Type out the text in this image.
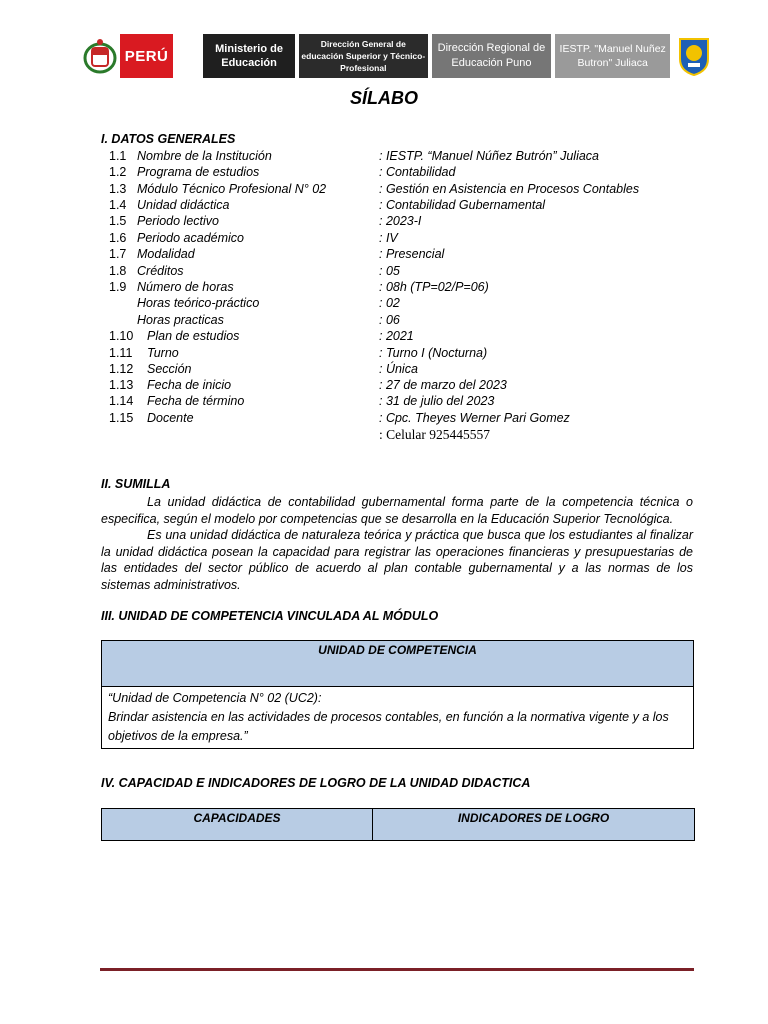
PERÚ	Ministerio de Educación
Dirección General de educación Superior y Técnico-Profesional
Dirección Regional de Educación Puno
IESTP. "Manuel Nuñez Butron" Juliaca
SÍLABO
I. DATOS GENERALES
1.1 Nombre de la Institución	: IESTP. “Manuel Núñez Butrón” Juliaca
1.2 Programa de estudios	: Contabilidad
1.3 Módulo Técnico Profesional N° 02	: Gestión en Asistencia en Procesos Contables
1.4 Unidad didáctica	: Contabilidad Gubernamental
1.5 Periodo lectivo	: 2023-I
1.6 Periodo académico	: IV
1.7 Modalidad	: Presencial
1.8 Créditos	: 05
1.9 Número de horas	: 08h (TP=02/P=06)
Horas teórico-práctico	: 02
Horas practicas	: 06
1.10 Plan de estudios	: 2021
1.11 Turno	: Turno I (Nocturna)
1.12 Sección	: Única
1.13 Fecha de inicio	: 27 de marzo del 2023
1.14 Fecha de término	: 31 de julio del 2023
1.15 Docente	: Cpc. Theyes Werner Pari Gomez
: Celular 925445557
II. SUMILLA
La unidad didáctica de contabilidad gubernamental forma parte de la competencia técnica o especifica, según el modelo por competencias que se desarrolla en la Educación Superior Tecnológica.
Es una unidad didáctica de naturaleza teórica y práctica que busca que los estudiantes al finalizar la unidad didáctica posean la capacidad para registrar las operaciones financieras y presupuestarias de las entidades del sector público de acuerdo al plan contable gubernamental y a las normas de los sistemas administrativos.
III. UNIDAD DE COMPETENCIA VINCULADA AL MÓDULO
UNIDAD DE COMPETENCIA
“Unidad de Competencia N° 02 (UC2):
Brindar asistencia en las actividades de procesos contables, en función a la normativa vigente y a los objetivos de la empresa.”
IV. CAPACIDAD E INDICADORES DE LOGRO DE LA UNIDAD DIDACTICA
CAPACIDADES	INDICADORES DE LOGRO
